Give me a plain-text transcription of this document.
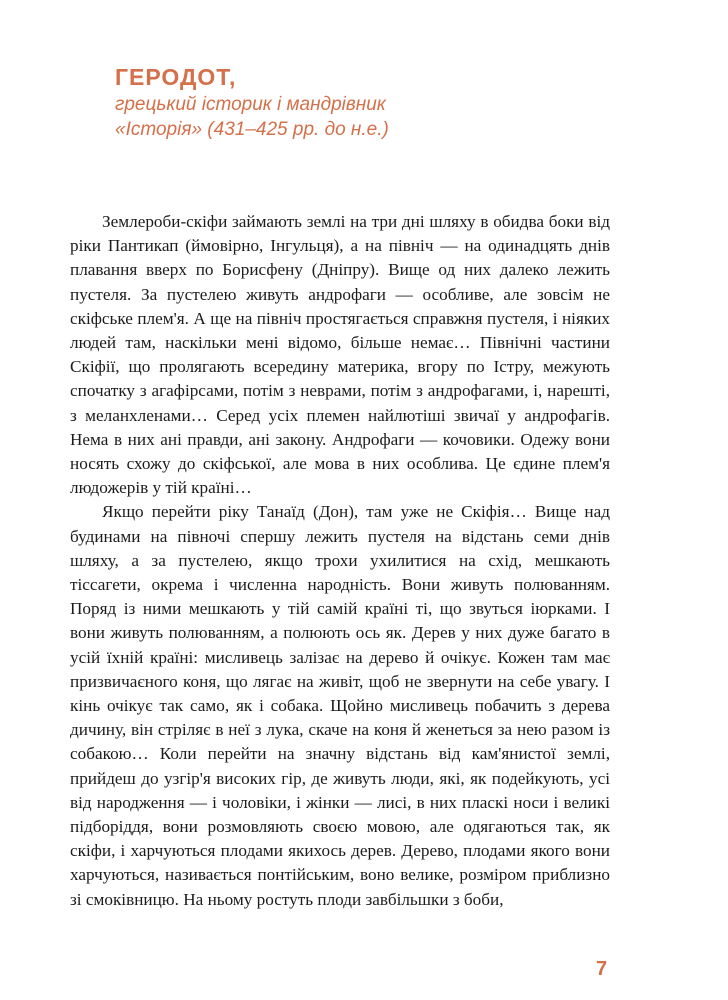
ГЕРОДОТ,
грецький історик і мандрівник
«Історія» (431–425 рр. до н.е.)

Землероби-скіфи займають землі на три дні шляху в обидва боки від ріки Пантикап (ймовірно, Інгульця), а на північ — на одинадцять днів плавання вверх по Борисфену (Дніпру). Вище од них далеко лежить пустеля. За пустелею живуть андрофаги — особливе, але зовсім не скіфське плем'я. А ще на північ простягається справжня пустеля, і ніяких людей там, наскільки мені відомо, більше немає… Північні частини Скіфії, що пролягають всередину материка, вгору по Істру, межують спочатку з агафірсами, потім з неврами, потім з андрофагами, і, нарешті, з меланхленами… Серед усіх племен найлютіші звичаї у андрофагів. Нема в них ані правди, ані закону. Андрофаги — кочовики. Одежу вони носять схожу до скіфської, але мова в них особлива. Це єдине плем'я людожерів у тій країні…

Якщо перейти ріку Танаїд (Дон), там уже не Скіфія… Вище над будинами на півночі спершу лежить пустеля на відстань семи днів шляху, а за пустелею, якщо трохи ухилитися на схід, мешкають тіссагети, окрема і численна народність. Вони живуть полюванням. Поряд із ними мешкають у тій самій країні ті, що звуться іюрками. І вони живуть полюванням, а полюють ось як. Дерев у них дуже багато в усій їхній країні: мисливець залізає на дерево й очікує. Кожен там має призвичаєного коня, що лягає на живіт, щоб не звернути на себе увагу. І кінь очікує так само, як і собака. Щойно мисливець побачить з дерева дичину, він стріляє в неї з лука, скаче на коня й женеться за нею разом із собакою… Коли перейти на значну відстань від кам'янистої землі, прийдеш до узгір'я високих гір, де живуть люди, які, як подейкують, усі від народження — і чоловіки, і жінки — лисі, в них пласкі носи і великі підборіддя, вони розмовляють своєю мовою, але одягаються так, як скіфи, і харчуються плодами якихось дерев. Дерево, плодами якого вони харчуються, називається понтійським, воно велике, розміром приблизно зі смоківницю. На ньому ростуть плоди завбільшки з боби,

7
